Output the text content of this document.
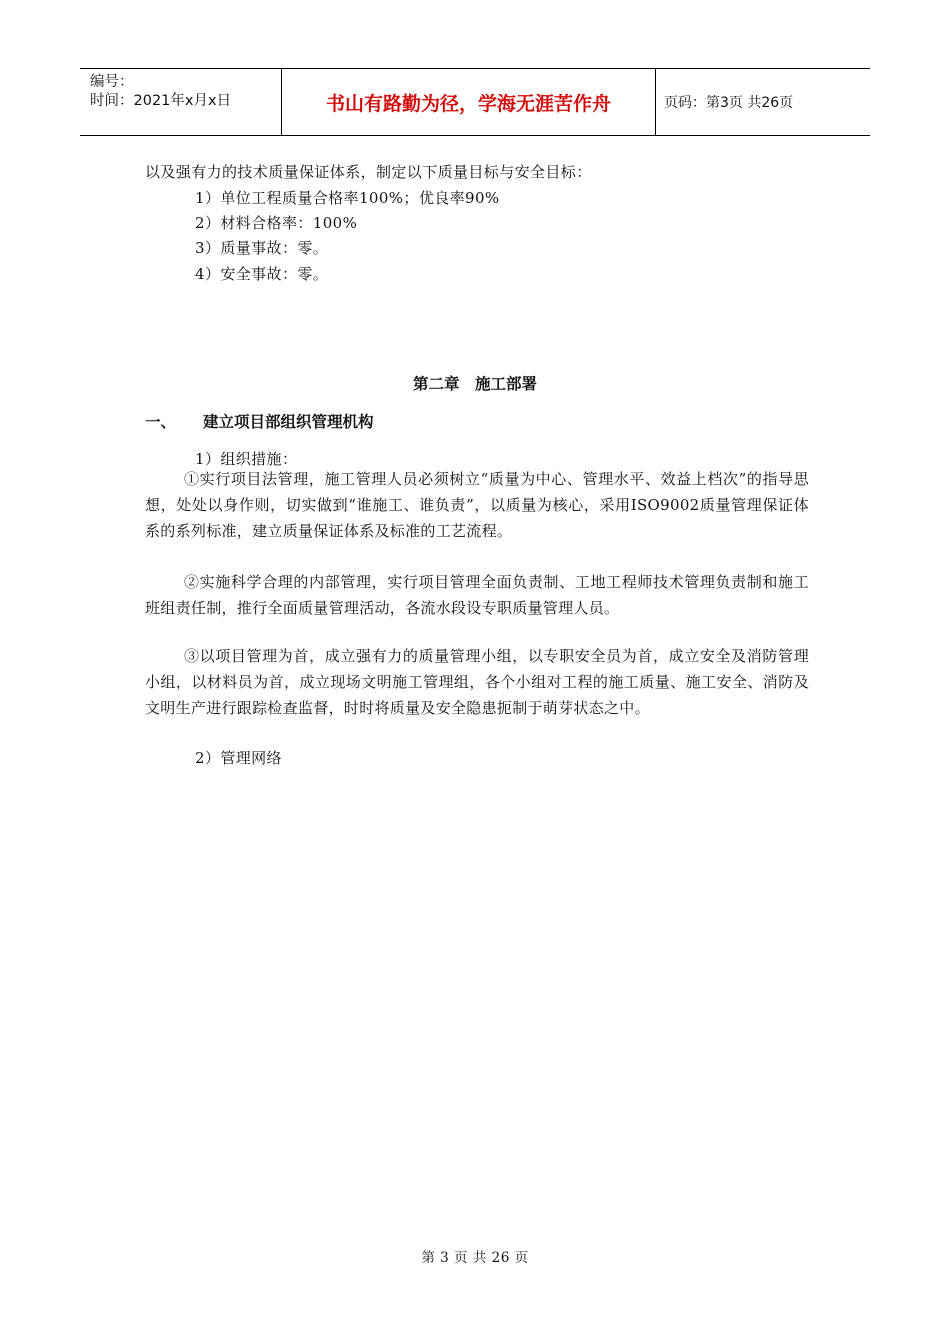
编号：
时间：2021年x月x日	书山有路勤为径，学海无涯苦作舟	页码：第3页 共26页
以及强有力的技术质量保证体系，制定以下质量目标与安全目标：
1）单位工程质量合格率100%；优良率90%
2）材料合格率：100%
3）质量事故：零。
4）安全事故：零。
第二章　施工部署
一、	建立项目部组织管理机构
1）组织措施：
①实行项目法管理，施工管理人员必须树立“质量为中心、管理水平、效益上档次”的指导思想，处处以身作则，切实做到“谁施工、谁负责”，以质量为核心，采用ISO9002质量管理保证体系的系列标准，建立质量保证体系及标准的工艺流程。
②实施科学合理的内部管理，实行项目管理全面负责制、工地工程师技术管理负责制和施工班组责任制，推行全面质量管理活动，各流水段设专职质量管理人员。
③以项目管理为首，成立强有力的质量管理小组，以专职安全员为首，成立安全及消防管理小组，以材料员为首，成立现场文明施工管理组，各个小组对工程的施工质量、施工安全、消防及文明生产进行跟踪检查监督，时时将质量及安全隐患扼制于萌芽状态之中。
2）管理网络
第 3 页 共 26 页
